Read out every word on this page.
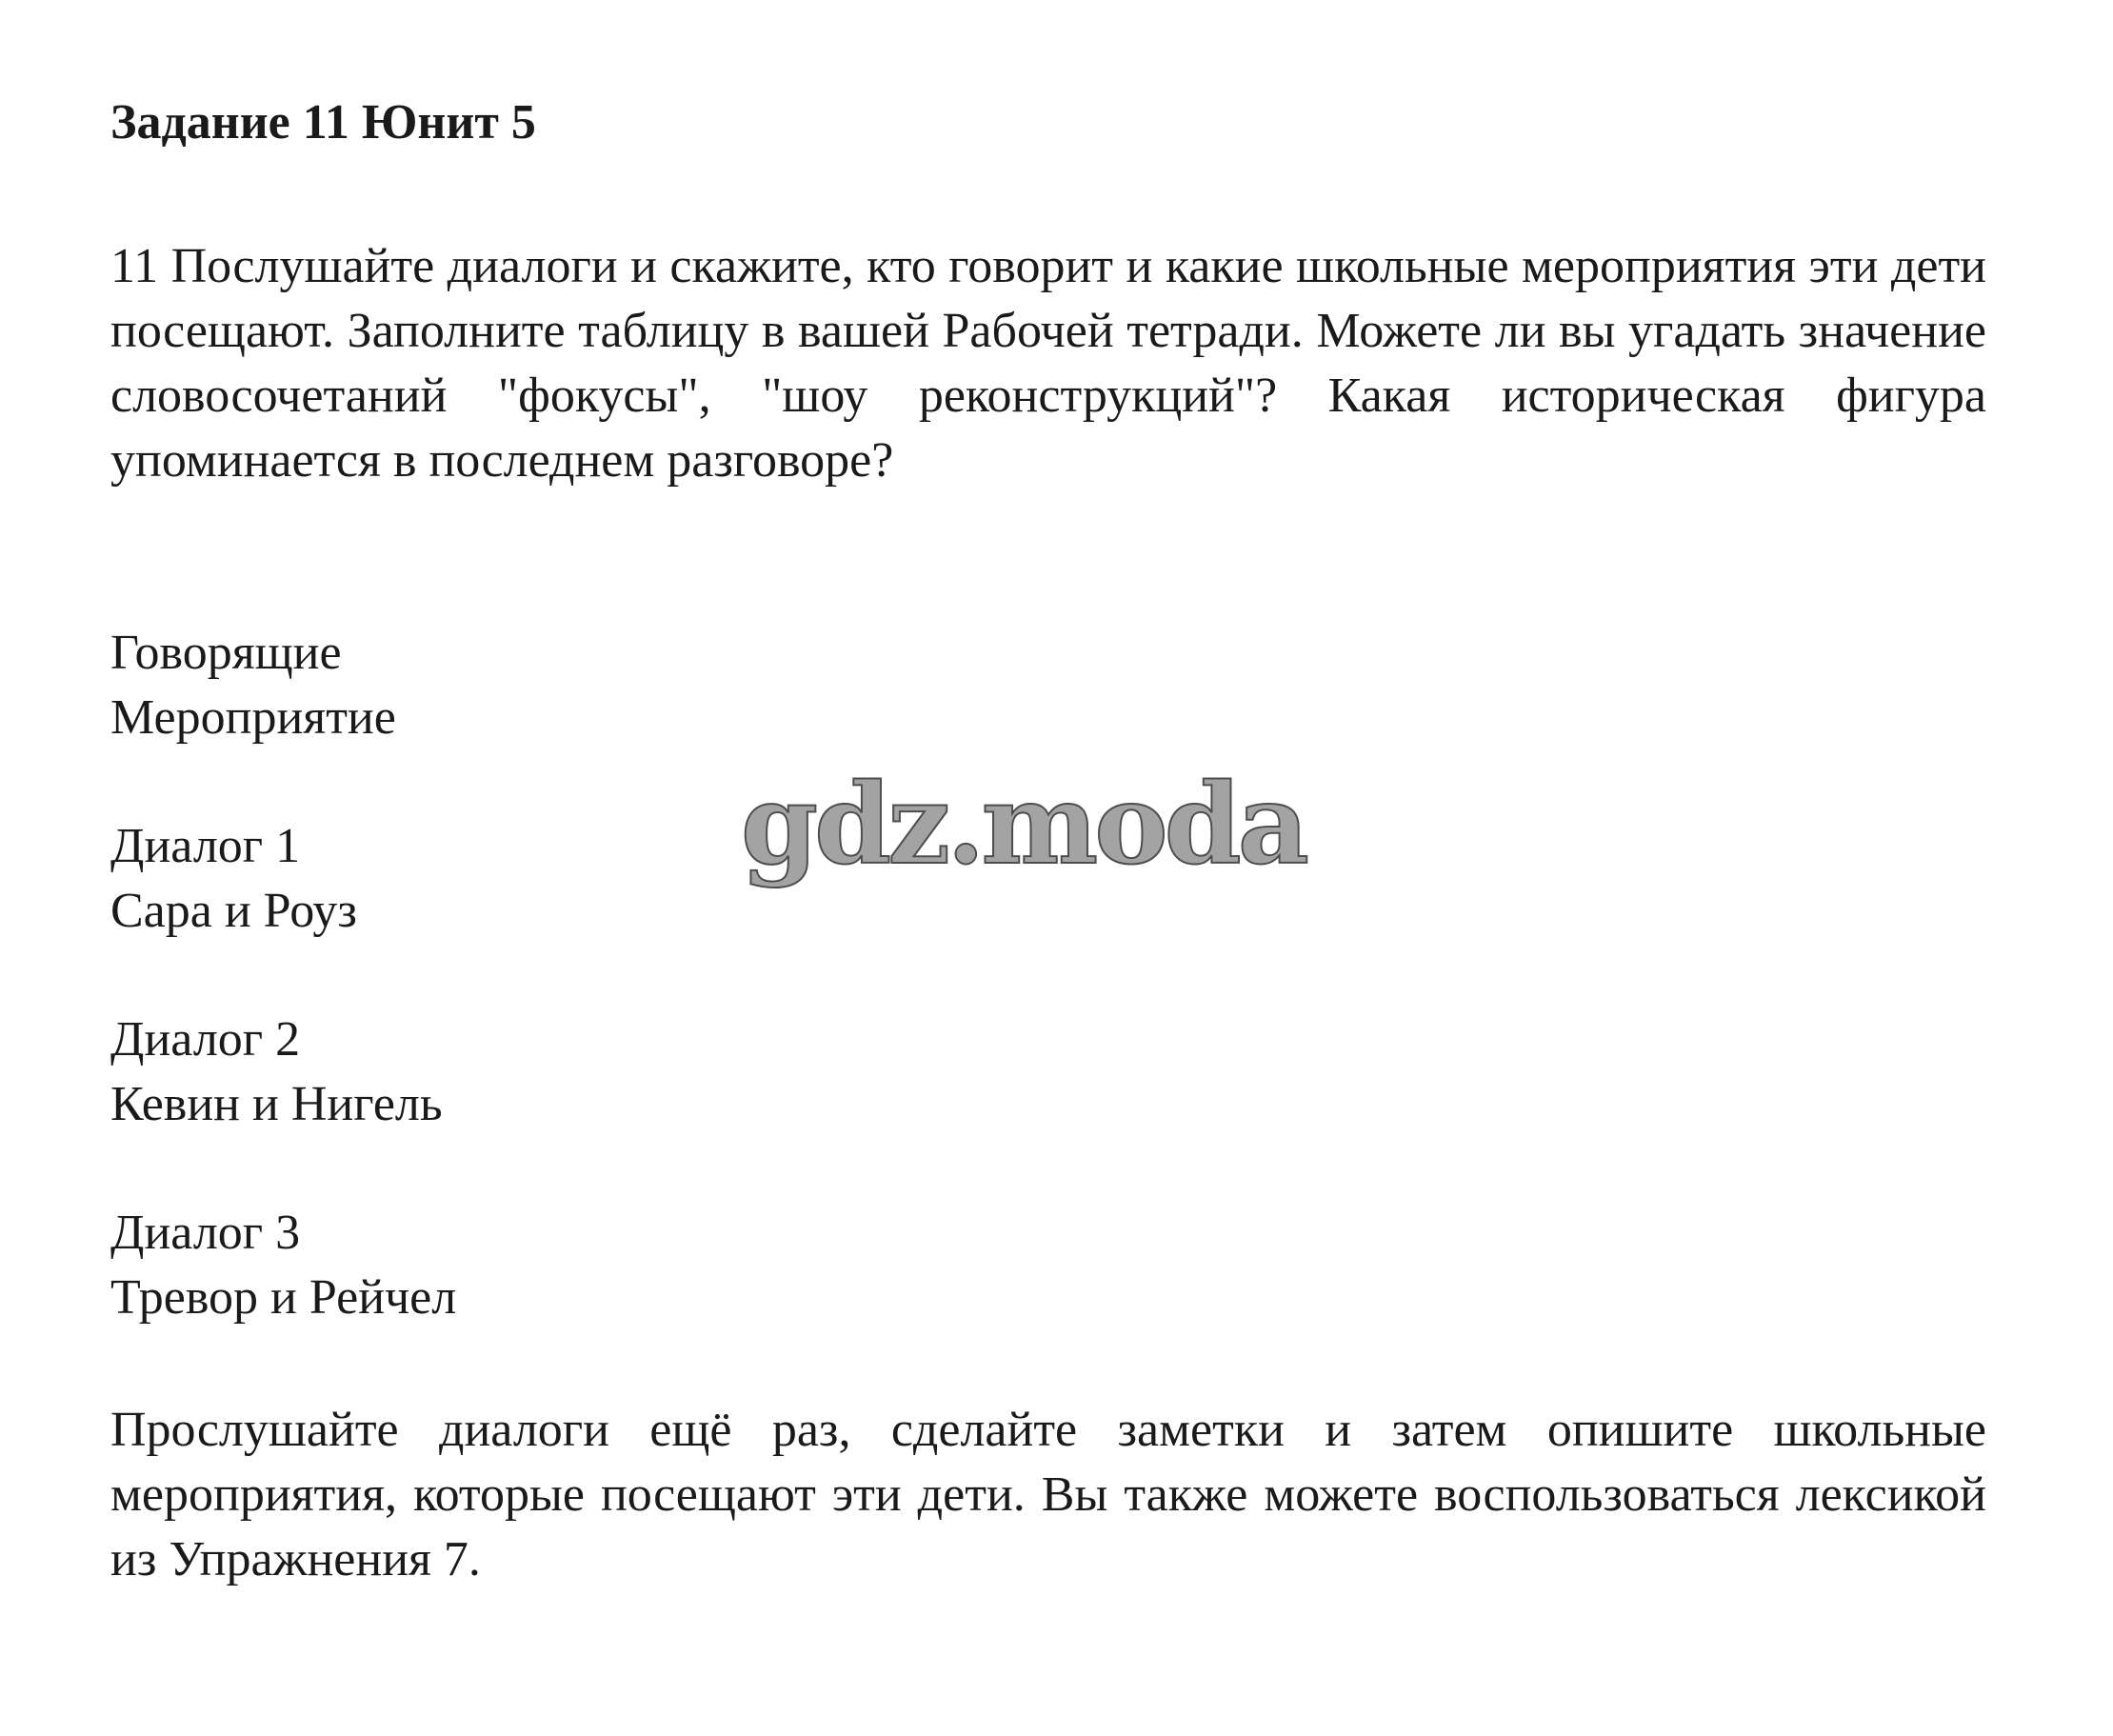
Задание 11 Юнит 5

11 Послушайте диалоги и скажите, кто говорит и какие школьные мероприятия эти дети посещают. Заполните таблицу в вашей Рабочей тетради. Можете ли вы угадать значение словосочетаний "фокусы", "шоу реконструкций"? Какая историческая фигура упоминается в последнем разговоре?

Говорящие

Мероприятие

Диалог 1

Сара и Роуз

Диалог 2

Кевин и Нигель

Диалог 3

Тревор и Рейчел

Прослушайте диалоги ещё раз, сделайте заметки и затем опишите школьные мероприятия, которые посещают эти дети. Вы также можете воспользоваться лексикой из Упражнения 7.

gdz.moda
